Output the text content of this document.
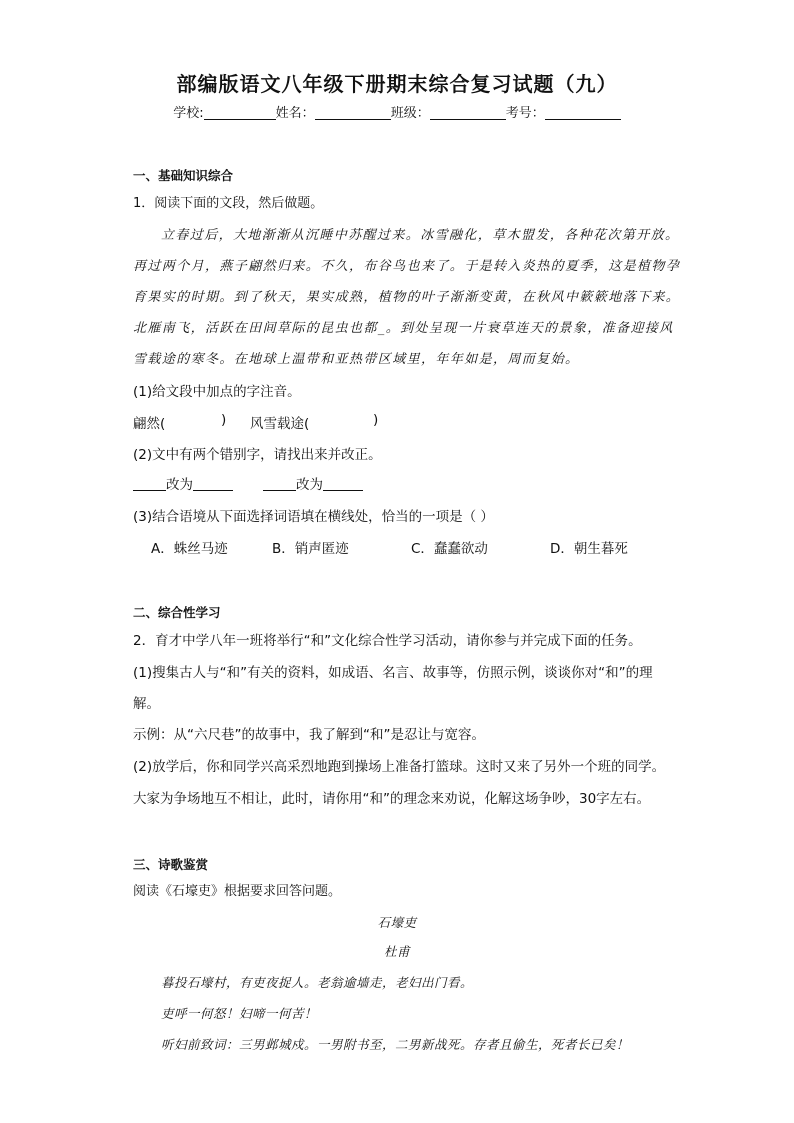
部编版语文八年级下册期末综合复习试题（九）
学校:	姓名：	班级：	考号：
一、基础知识综合
1．阅读下面的文段，然后做题。
立春过后，大地渐渐从沉睡中苏醒过来。冰雪融化，草木盟发，各种花次第开放。
再过两个月，燕子翩然归来。不久，布谷鸟也来了。于是转入炎热的夏季，这是植物孕
育果实的时期。到了秋天，果实成熟，植物的叶子渐渐变黄，在秋风中簌簌地落下来。
北雁南飞，活跃在田间草际的昆虫也都_。到处呈现一片衰草连天的景象，准备迎接风
雪载途的寒冬。在地球上温带和亚热带区域里，年年如是，周而复始。
(1)给文段中加点的字注音。
翩然(	) 风雪载途(	)
(2)文中有两个错别字，请找出来并改正。
改为	改为
(3)结合语境从下面选择词语填在横线处，恰当的一项是（ ）
A．蛛丝马迹	B．销声匿迹	C．蠢蠢欲动	D．朝生暮死
二、综合性学习
2．育才中学八年一班将举行“和”文化综合性学习活动，请你参与并完成下面的任务。
(1)搜集古人与“和”有关的资料，如成语、名言、故事等，仿照示例，谈谈你对“和”的理
解。
示例：从“六尺巷”的故事中，我了解到“和”是忍让与宽容。
(2)放学后，你和同学兴高采烈地跑到操场上准备打篮球。这时又来了另外一个班的同学。
大家为争场地互不相让，此时，请你用“和”的理念来劝说，化解这场争吵，30字左右。
三、诗歌鉴赏
阅读《石壕吏》根据要求回答问题。
石壕吏
杜甫
暮投石壕村，有吏夜捉人。老翁逾墙走，老妇出门看。
吏呼一何怒！妇啼一何苦！
听妇前致词：三男邺城戍。一男附书至，二男新战死。存者且偷生，死者长已矣！
